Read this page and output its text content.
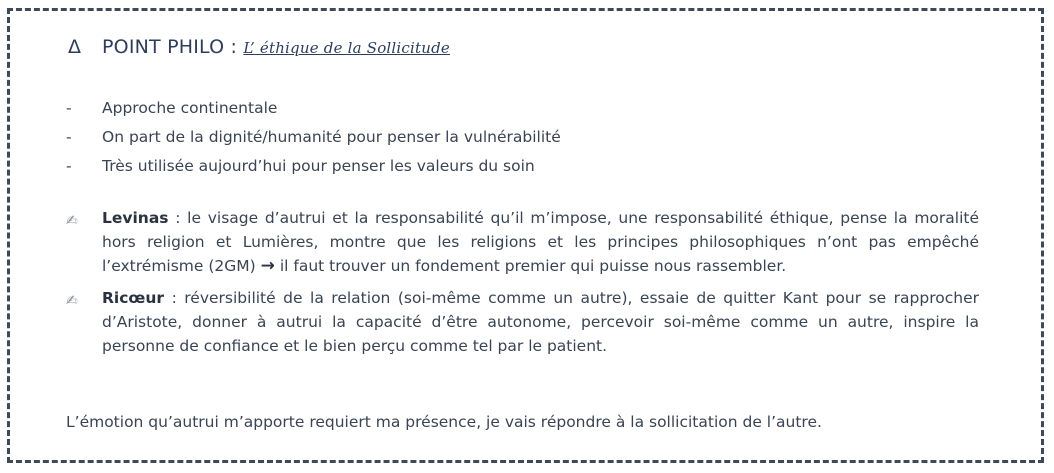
Δ POINT PHILO : L’ éthique de la Sollicitude
-	Approche continentale
-	On part de la dignité/humanité pour penser la vulnérabilité
-	Très utilisée aujourd’hui pour penser les valeurs du soin

✍ Levinas : le visage d’autrui et la responsabilité qu’il m’impose, une responsabilité éthique, pense la moralité hors religion et Lumières, montre que les religions et les principes philosophiques n’ont pas empêché l’extrémisme (2GM) → il faut trouver un fondement premier qui puisse nous rassembler.

✍ Ricœur : réversibilité de la relation (soi-même comme un autre), essaie de quitter Kant pour se rapprocher d’Aristote, donner à autrui la capacité d’être autonome, percevoir soi-même comme un autre, inspire la personne de confiance et le bien perçu comme tel par le patient.

L’émotion qu’autrui m’apporte requiert ma présence, je vais répondre à la sollicitation de l’autre.
